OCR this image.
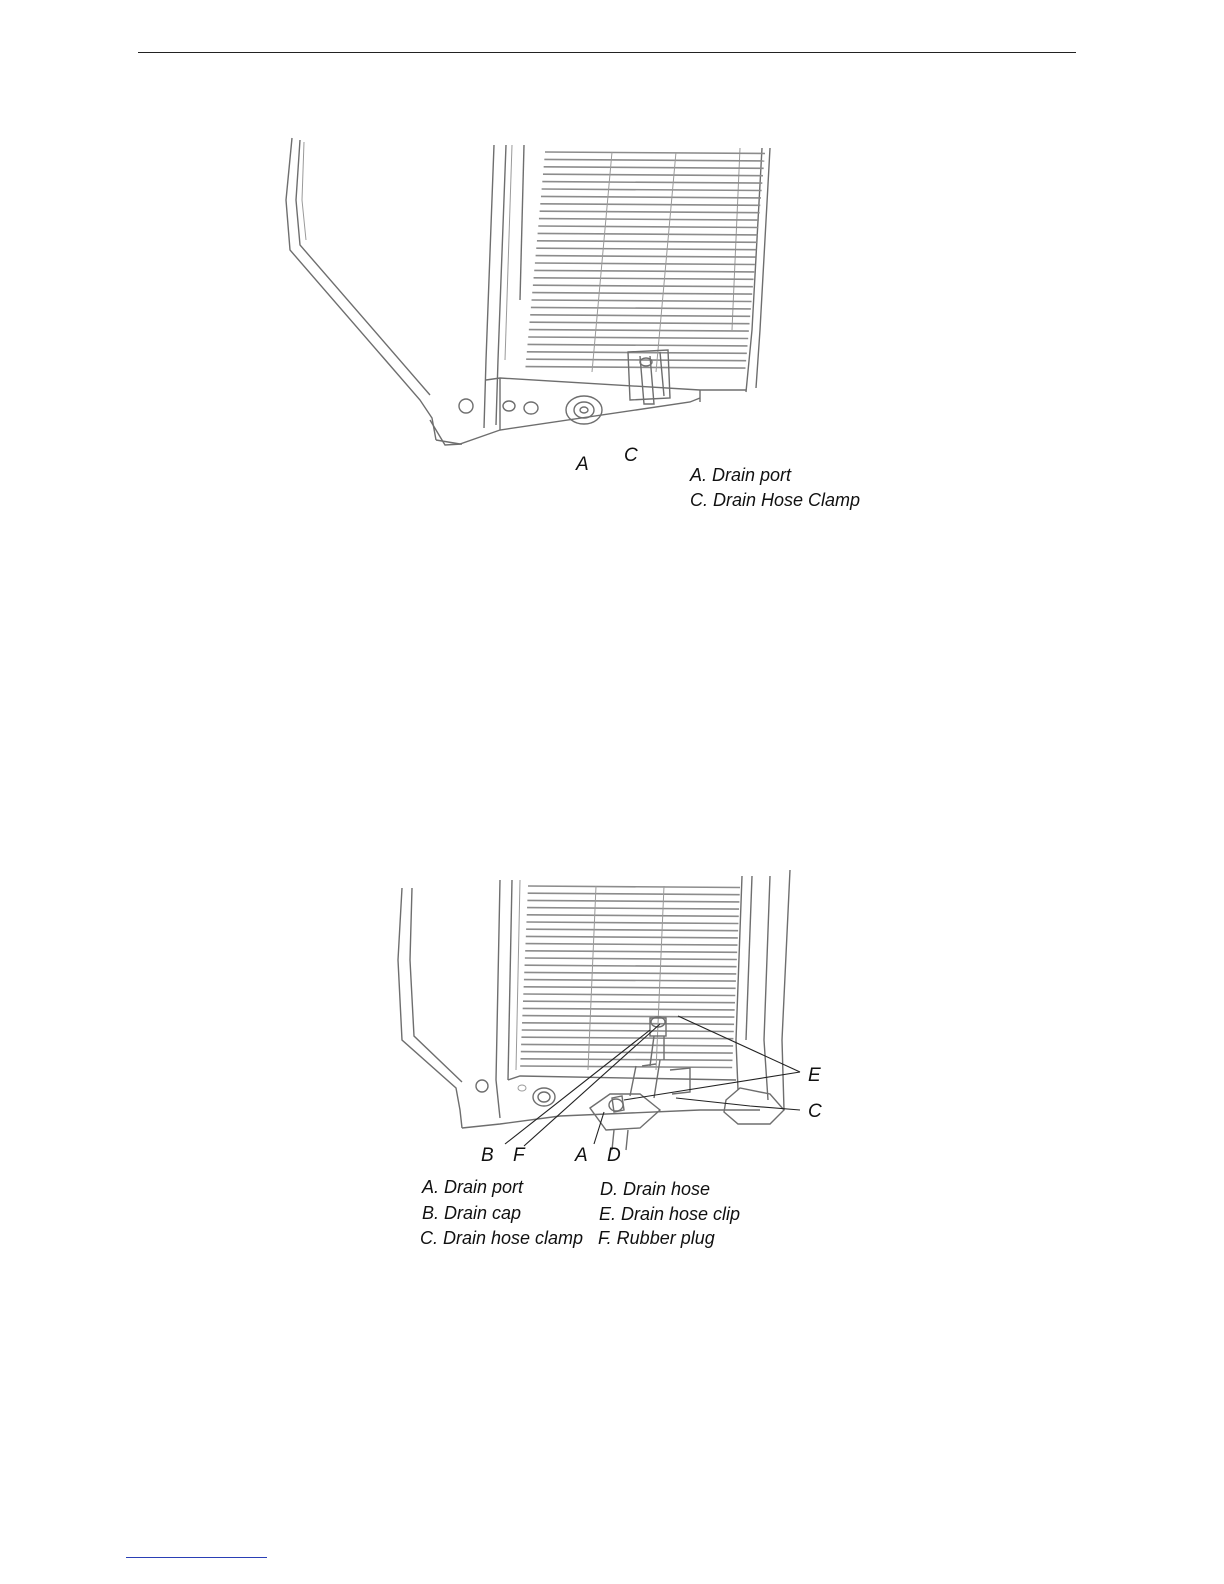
A C
A. Drain port
C. Drain Hose Clamp
B F	A D
E
C
A. Drain port
B. Drain cap
C. Drain hose clamp
D. Drain hose
E. Drain hose clip
F. Rubber plug
